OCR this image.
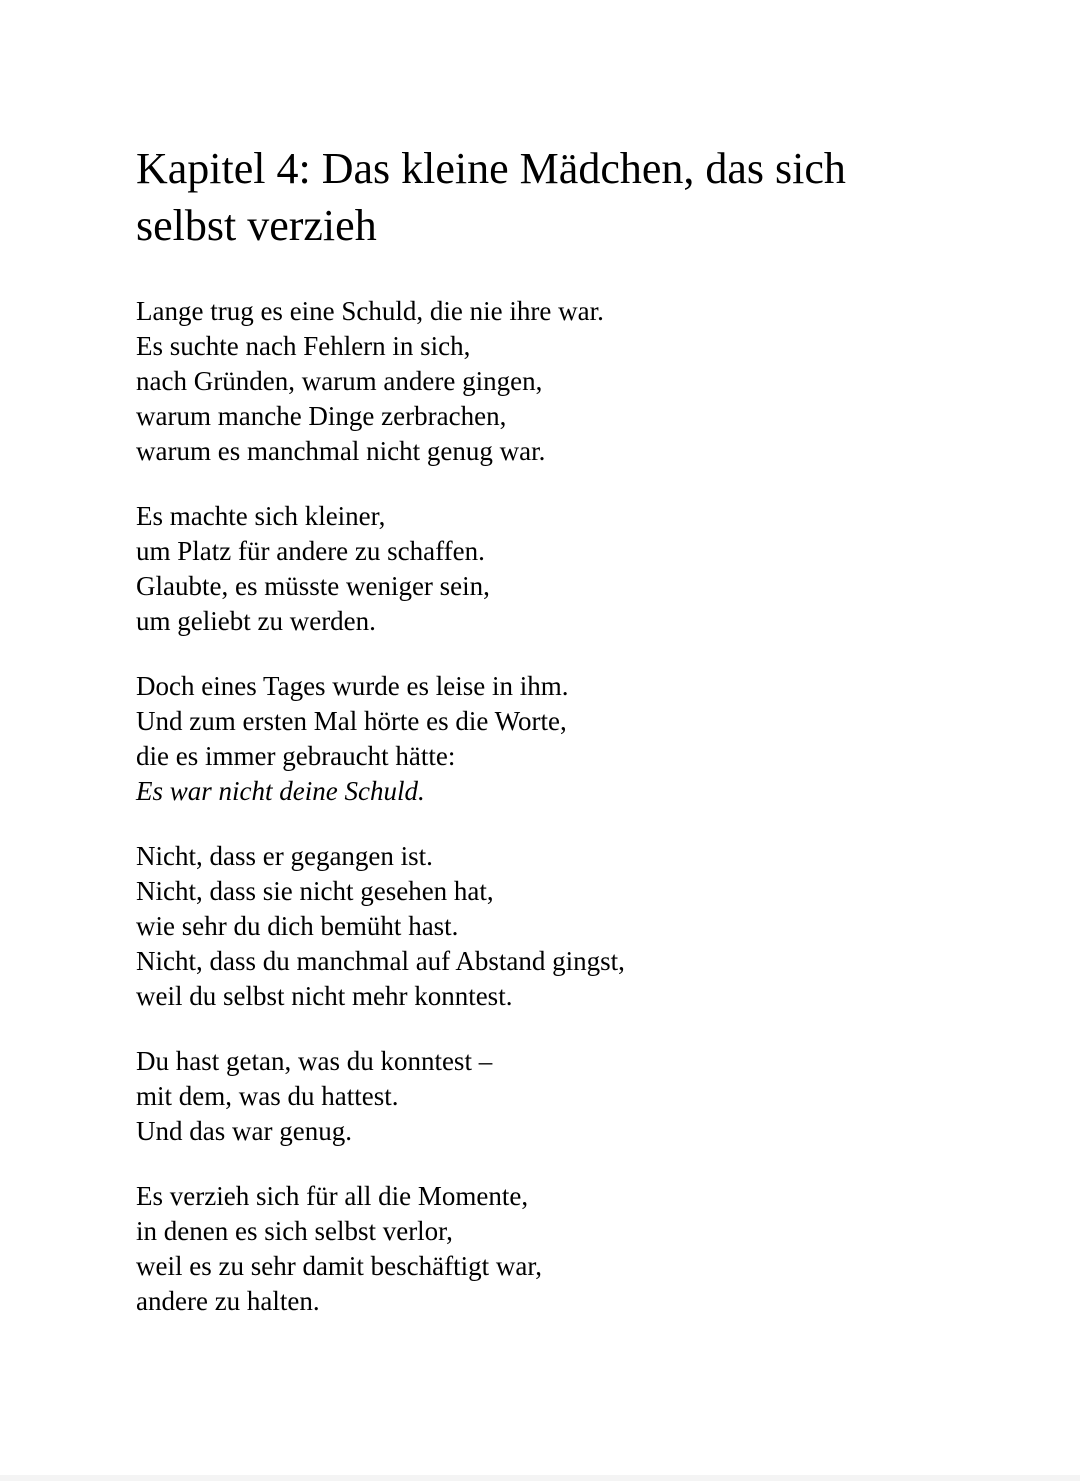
Kapitel 4: Das kleine Mädchen, das sich selbst verzieh

Lange trug es eine Schuld, die nie ihre war.
Es suchte nach Fehlern in sich,
nach Gründen, warum andere gingen,
warum manche Dinge zerbrachen,
warum es manchmal nicht genug war.

Es machte sich kleiner,
um Platz für andere zu schaffen.
Glaubte, es müsste weniger sein,
um geliebt zu werden.

Doch eines Tages wurde es leise in ihm.
Und zum ersten Mal hörte es die Worte,
die es immer gebraucht hätte:
Es war nicht deine Schuld.

Nicht, dass er gegangen ist.
Nicht, dass sie nicht gesehen hat,
wie sehr du dich bemüht hast.
Nicht, dass du manchmal auf Abstand gingst,
weil du selbst nicht mehr konntest.

Du hast getan, was du konntest –
mit dem, was du hattest.
Und das war genug.

Es verzieh sich für all die Momente,
in denen es sich selbst verlor,
weil es zu sehr damit beschäftigt war,
andere zu halten.
